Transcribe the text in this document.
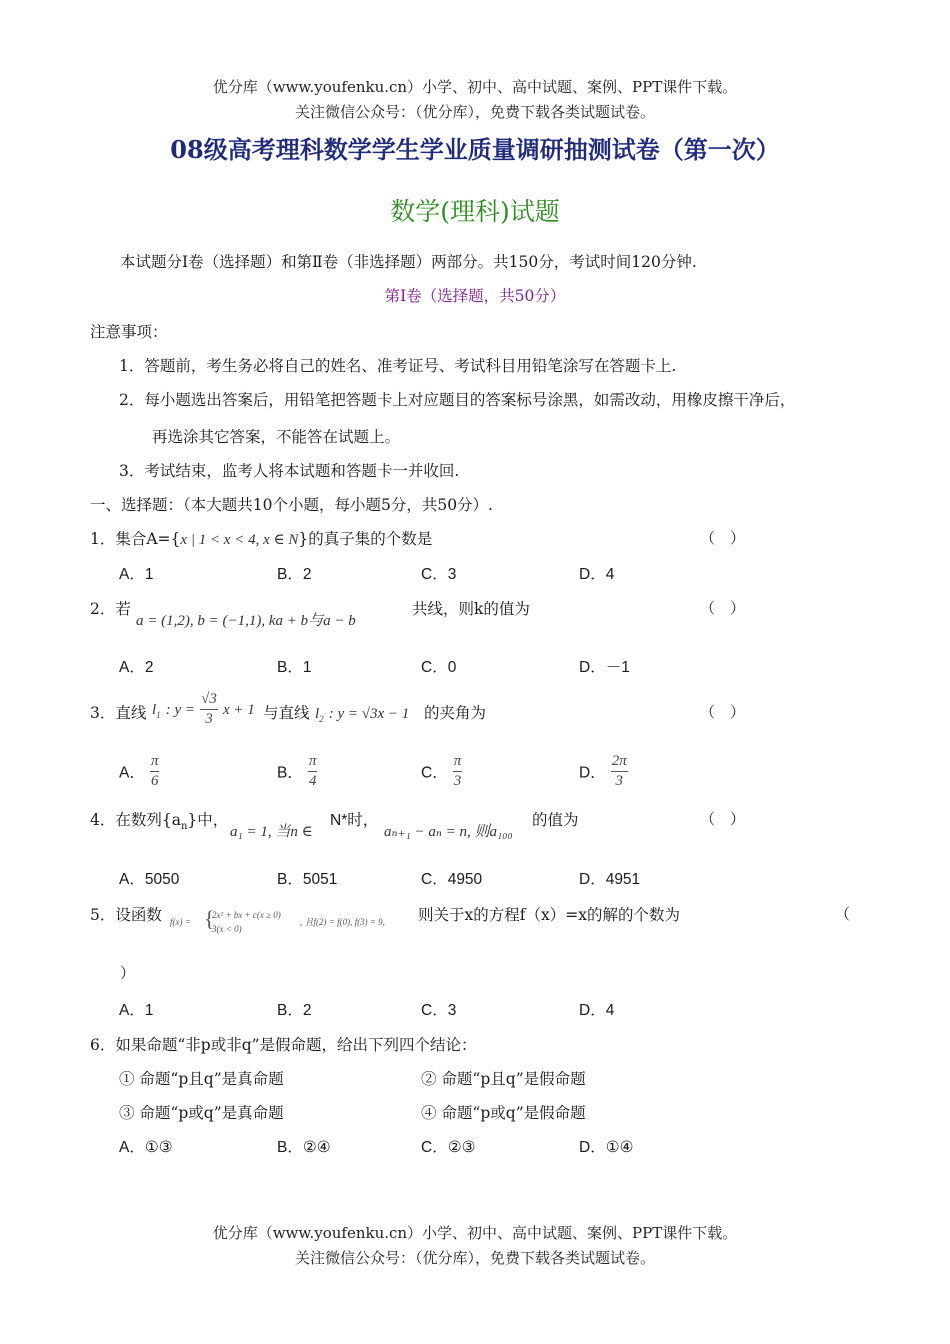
优分库（www.youfenku.cn）小学、初中、高中试题、案例、PPT课件下载。
关注微信公众号：（优分库），免费下载各类试题试卷。
08级高考理科数学学生学业质量调研抽测试卷（第一次）
数学(理科)试题
本试题分Ⅰ卷（选择题）和第Ⅱ卷（非选择题）两部分。共150分，考试时间120分钟.
第Ⅰ卷（选择题，共50分）
注意事项：
1．答题前，考生务必将自己的姓名、准考证号、考试科目用铅笔涂写在答题卡上.
2．每小题选出答案后，用铅笔把答题卡上对应题目的答案标号涂黑，如需改动，用橡皮擦干净后，
再选涂其它答案，不能答在试题上。
3．考试结束，监考人将本试题和答题卡一并收回.
一、选择题：（本大题共10个小题，每小题5分，共50分）.
1．集合A={x | 1 < x < 4, x ∈ N}的真子集的个数是	（　）
A．1	B．2	C．3	D．4
2．若
a = (1,2), b = (−1,1), ka + b与a − b
共线，则k的值为	（　）
A．2	B．1	C．0	D．－1
3．直线 $l_1$ : $y = \frac{√3}{3}$ x + 1 与直线 $l_2$ : y = √3x − 1 的夹角为	（　）
A． $\frac{\pi}{6}$	B． $\frac{\pi}{4}$	C． $\frac{\pi}{3}$	D． $\frac{2\pi}{3}$
4．在数列$\{a_n\}$中，
a₁ = 1, 当n ∈
N*时，
aₙ₊₁ − aₙ = n, 则a₁₀₀
的值为	（　）
A．5050	B．5051	C．4950	D．4951
5．设函数 f(x) = {
2x² + bx + c(x ≥ 0)
3(x < 0)
, 且f(2) = f(0), f(3) = 9, 则关于x的方程f（x）=x的解的个数为	（
）
A．1	B．2	C．3	D．4
6．如果命题“非p或非q”是假命题，给出下列四个结论：
① 命题“p且q”是真命题	② 命题“p且q”是假命题
③ 命题“p或q”是真命题	④ 命题“p或q”是假命题
A．①③	B．②④	C．②③	D．①④
优分库（www.youfenku.cn）小学、初中、高中试题、案例、PPT课件下载。
关注微信公众号：（优分库），免费下载各类试题试卷。
